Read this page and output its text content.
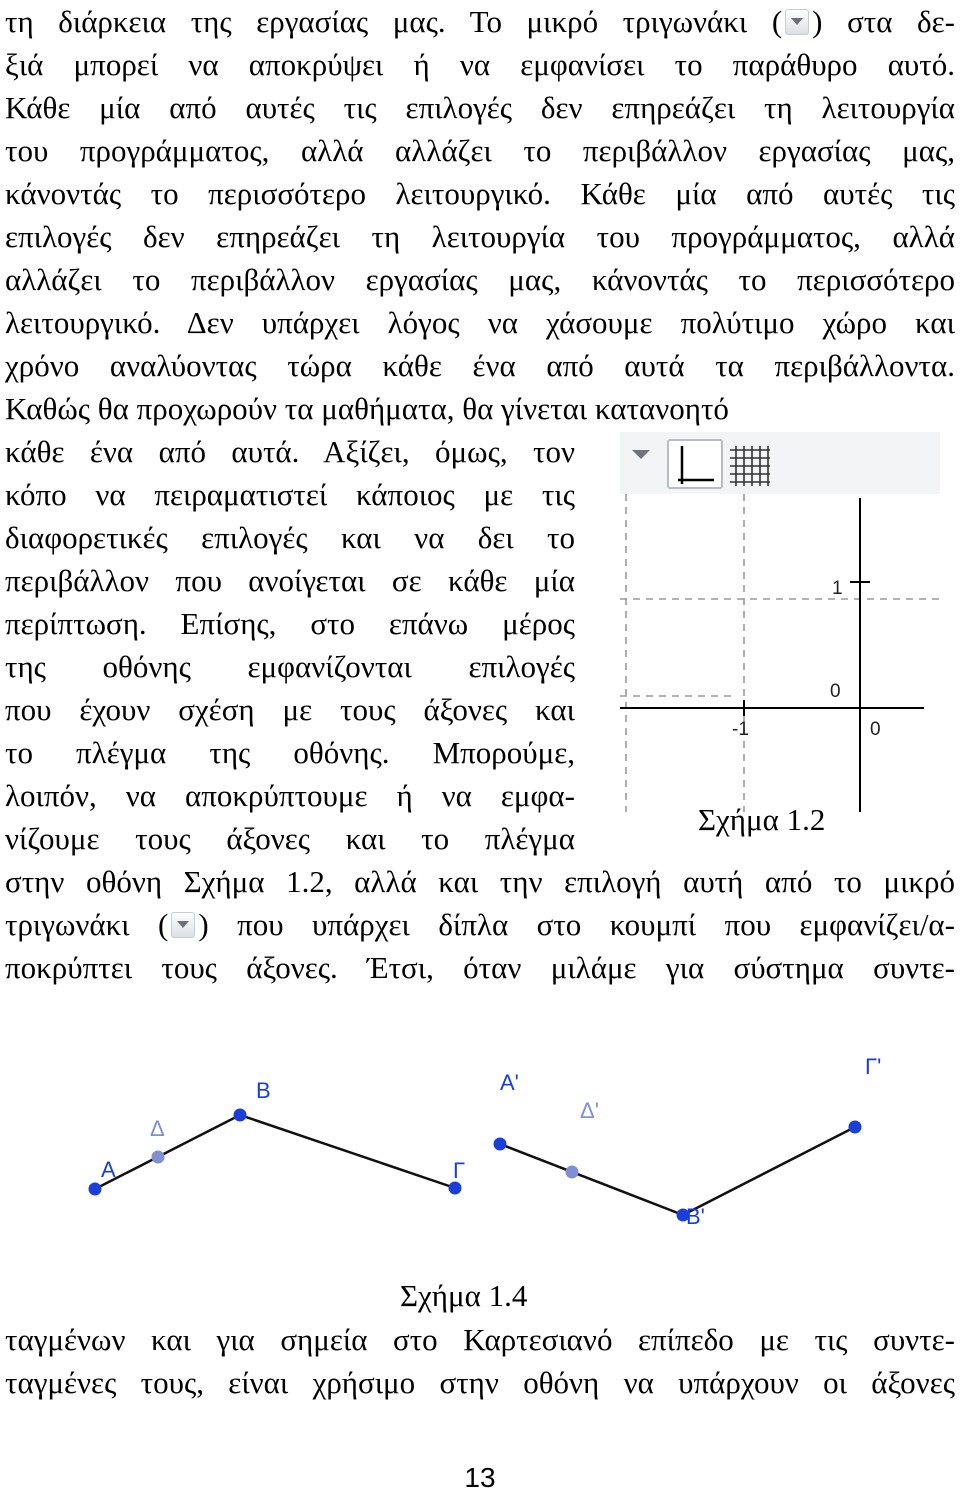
τη διάρκεια της εργασίας μας. Το μικρό τριγωνάκι ( ) στα δε-
ξιά μπορεί να αποκρύψει ή να εμφανίσει το παράθυρο αυτό.
Κάθε μία από αυτές τις επιλογές δεν επηρεάζει τη λειτουργία
του προγράμματος, αλλά αλλάζει το περιβάλλον εργασίας μας,
κάνοντάς το περισσότερο λειτουργικό. Κάθε μία από αυτές τις
επιλογές δεν επηρεάζει τη λειτουργία του προγράμματος, αλλά
αλλάζει το περιβάλλον εργασίας μας, κάνοντάς το περισσότερο
λειτουργικό. Δεν υπάρχει λόγος να χάσουμε πολύτιμο χώρο και
χρόνο αναλύοντας τώρα κάθε ένα από αυτά τα περιβάλλοντα.
Καθώς θα προχωρούν τα μαθήματα, θα γίνεται κατανοητό
κάθε ένα από αυτά. Αξίζει, όμως, τον
κόπο να πειραματιστεί κάποιος με τις
διαφορετικές επιλογές και να δει το
περιβάλλον που ανοίγεται σε κάθε μία
περίπτωση. Επίσης, στο επάνω μέρος
της οθόνης εμφανίζονται επιλογές
που έχουν σχέση με τους άξονες και
το πλέγμα της οθόνης. Μπορούμε,
λοιπόν, να αποκρύπτουμε ή να εμφα-
νίζουμε τους άξονες και το πλέγμα
1
0
-1	0
Σχήμα 1.2
στην οθόνη Σχήμα 1.2, αλλά και την επιλογή αυτή από το μικρό
τριγωνάκι ( ) που υπάρχει δίπλα στο κουμπί που εμφανίζει/α-
ποκρύπτει τους άξονες. Έτσι, όταν μιλάμε για σύστημα συντε-
A
Δ
B
Γ
A'
Δ'
B'
Γ'
Σχήμα 1.4
ταγμένων και για σημεία στο Καρτεσιανό επίπεδο με τις συντε-
ταγμένες τους, είναι χρήσιμο στην οθόνη να υπάρχουν οι άξονες
13
